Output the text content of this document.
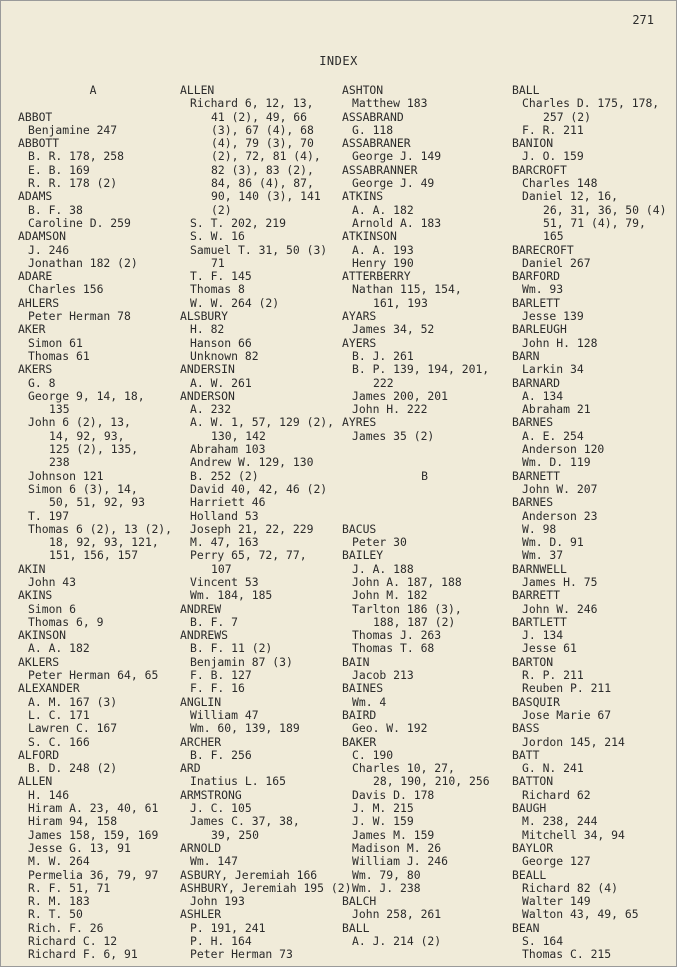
271
INDEX
A
ABBOT
Benjamine 247
ABBOTT
B. R. 178, 258
E. B. 169
R. R. 178 (2)
ADAMS
B. F. 38
Caroline D. 259
ADAMSON
J. 246
Jonathan 182 (2)
ADARE
Charles 156
AHLERS
Peter Herman 78
AKER
Simon 61
Thomas 61
AKERS
G. 8
George 9, 14, 18,
135
John 6 (2), 13,
14, 92, 93,
125 (2), 135,
238
Johnson 121
Simon 6 (3), 14,
50, 51, 92, 93
T. 197
Thomas 6 (2), 13 (2),
18, 92, 93, 121,
151, 156, 157
AKIN
John 43
AKINS
Simon 6
Thomas 6, 9
AKINSON
A. A. 182
AKLERS
Peter Herman 64, 65
ALEXANDER
A. M. 167 (3)
L. C. 171
Lawren C. 167
S. C. 166
ALFORD
B. D. 248 (2)
ALLEN
H. 146
Hiram A. 23, 40, 61
Hiram 94, 158
James 158, 159, 169
Jesse G. 13, 91
M. W. 264
Permelia 36, 79, 97
R. F. 51, 71
R. M. 183
R. T. 50
Rich. F. 26
Richard C. 12
Richard F. 6, 91
ALLEN
Richard 6, 12, 13,
41 (2), 49, 66
(3), 67 (4), 68
(4), 79 (3), 70
(2), 72, 81 (4),
82 (3), 83 (2),
84, 86 (4), 87,
90, 140 (3), 141
(2)
S. T. 202, 219
S. W. 16
Samuel T. 31, 50 (3)
71
T. F. 145
Thomas 8
W. W. 264 (2)
ALSBURY
H. 82
Hanson 66
Unknown 82
ANDERSIN
A. W. 261
ANDERSON
A. 232
A. W. 1, 57, 129 (2),
130, 142
Abraham 103
Andrew W. 129, 130
B. 252 (2)
David 40, 42, 46 (2)
Harriett 46
Holland 53
Joseph 21, 22, 229
M. 47, 163
Perry 65, 72, 77,
107
Vincent 53
Wm. 184, 185
ANDREW
B. F. 7
ANDREWS
B. F. 11 (2)
Benjamin 87 (3)
F. B. 127
F. F. 16
ANGLIN
William 47
Wm. 60, 139, 189
ARCHER
B. F. 256
ARD
Inatius L. 165
ARMSTRONG
J. C. 105
James C. 37, 38,
39, 250
ARNOLD
Wm. 147
ASBURY, Jeremiah 166
ASHBURY, Jeremiah 195 (2)
John 193
ASHLER
P. 191, 241
P. H. 164
Peter Herman 73
ASHTON
Matthew 183
ASSABRAND
G. 118
ASSABRANER
George J. 149
ASSABRANNER
George J. 49
ATKINS
A. A. 182
Arnold A. 183
ATKINSON
A. A. 193
Henry 190
ATTERBERRY
Nathan 115, 154,
161, 193
AYARS
James 34, 52
AYERS
B. J. 261
B. P. 139, 194, 201,
222
James 200, 201
John H. 222
AYRES
James 35 (2)
B
BACUS
Peter 30
BAILEY
J. A. 188
John A. 187, 188
John M. 182
Tarlton 186 (3),
188, 187 (2)
Thomas J. 263
Thomas T. 68
BAIN
Jacob 213
BAINES
Wm. 4
BAIRD
Geo. W. 192
BAKER
C. 190
Charles 10, 27,
28, 190, 210, 256
Davis D. 178
J. M. 215
J. W. 159
James M. 159
Madison M. 26
William J. 246
Wm. 79, 80
Wm. J. 238
BALCH
John 258, 261
BALL
A. J. 214 (2)
BALL
Charles D. 175, 178,
257 (2)
F. R. 211
BANION
J. O. 159
BARCROFT
Charles 148
Daniel 12, 16,
26, 31, 36, 50 (4)
51, 71 (4), 79,
165
BARECROFT
Daniel 267
BARFORD
Wm. 93
BARLETT
Jesse 139
BARLEUGH
John H. 128
BARN
Larkin 34
BARNARD
A. 134
Abraham 21
BARNES
A. E. 254
Anderson 120
Wm. D. 119
BARNETT
John W. 207
BARNES
Anderson 23
W. 98
Wm. D. 91
Wm. 37
BARNWELL
James H. 75
BARRETT
John W. 246
BARTLETT
J. 134
Jesse 61
BARTON
R. P. 211
Reuben P. 211
BASQUIR
Jose Marie 67
BASS
Jordon 145, 214
BATT
G. N. 241
BATTON
Richard 62
BAUGH
M. 238, 244
Mitchell 34, 94
BAYLOR
George 127
BEALL
Richard 82 (4)
Walter 149
Walton 43, 49, 65
BEAN
S. 164
Thomas C. 215
